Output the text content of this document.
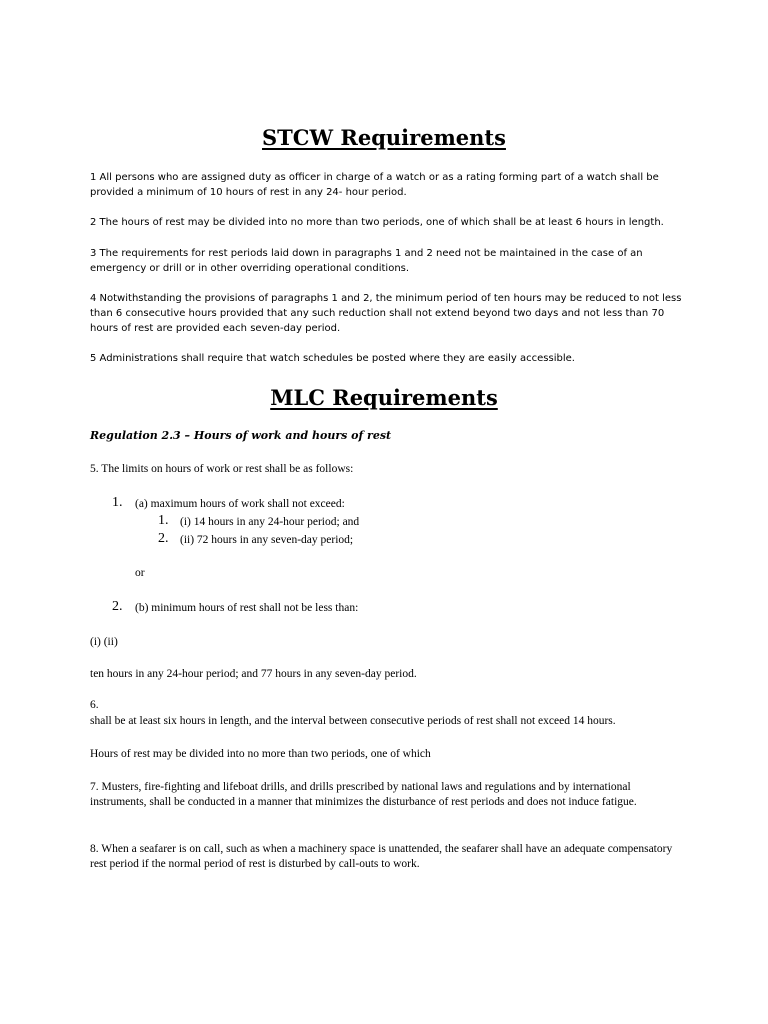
STCW Requirements
1 All persons who are assigned duty as officer in charge of a watch or as a rating forming part of a watch shall be provided a minimum of 10 hours of rest in any 24- hour period.
2 The hours of rest may be divided into no more than two periods, one of which shall be at least 6 hours in length.
3 The requirements for rest periods laid down in paragraphs 1 and 2 need not be maintained in the case of an emergency or drill or in other overriding operational conditions.
4 Notwithstanding the provisions of paragraphs 1 and 2, the minimum period of ten hours may be reduced to not less than 6 consecutive hours provided that any such reduction shall not extend beyond two days and not less than 70 hours of rest are provided each seven-day period.
5 Administrations shall require that watch schedules be posted where they are easily accessible.
MLC Requirements
Regulation 2.3 – Hours of work and hours of rest
5. The limits on hours of work or rest shall be as follows:
1. (a) maximum hours of work shall not exceed:
1. (i) 14 hours in any 24-hour period; and
2. (ii) 72 hours in any seven-day period;
or
2. (b) minimum hours of rest shall not be less than:
(i) (ii)
ten hours in any 24-hour period; and 77 hours in any seven-day period.
6.
shall be at least six hours in length, and the interval between consecutive periods of rest shall not exceed 14 hours.
Hours of rest may be divided into no more than two periods, one of which
7. Musters, fire-fighting and lifeboat drills, and drills prescribed by national laws and regulations and by international instruments, shall be conducted in a manner that minimizes the disturbance of rest periods and does not induce fatigue.
8. When a seafarer is on call, such as when a machinery space is unattended, the seafarer shall have an adequate compensatory rest period if the normal period of rest is disturbed by call-outs to work.
